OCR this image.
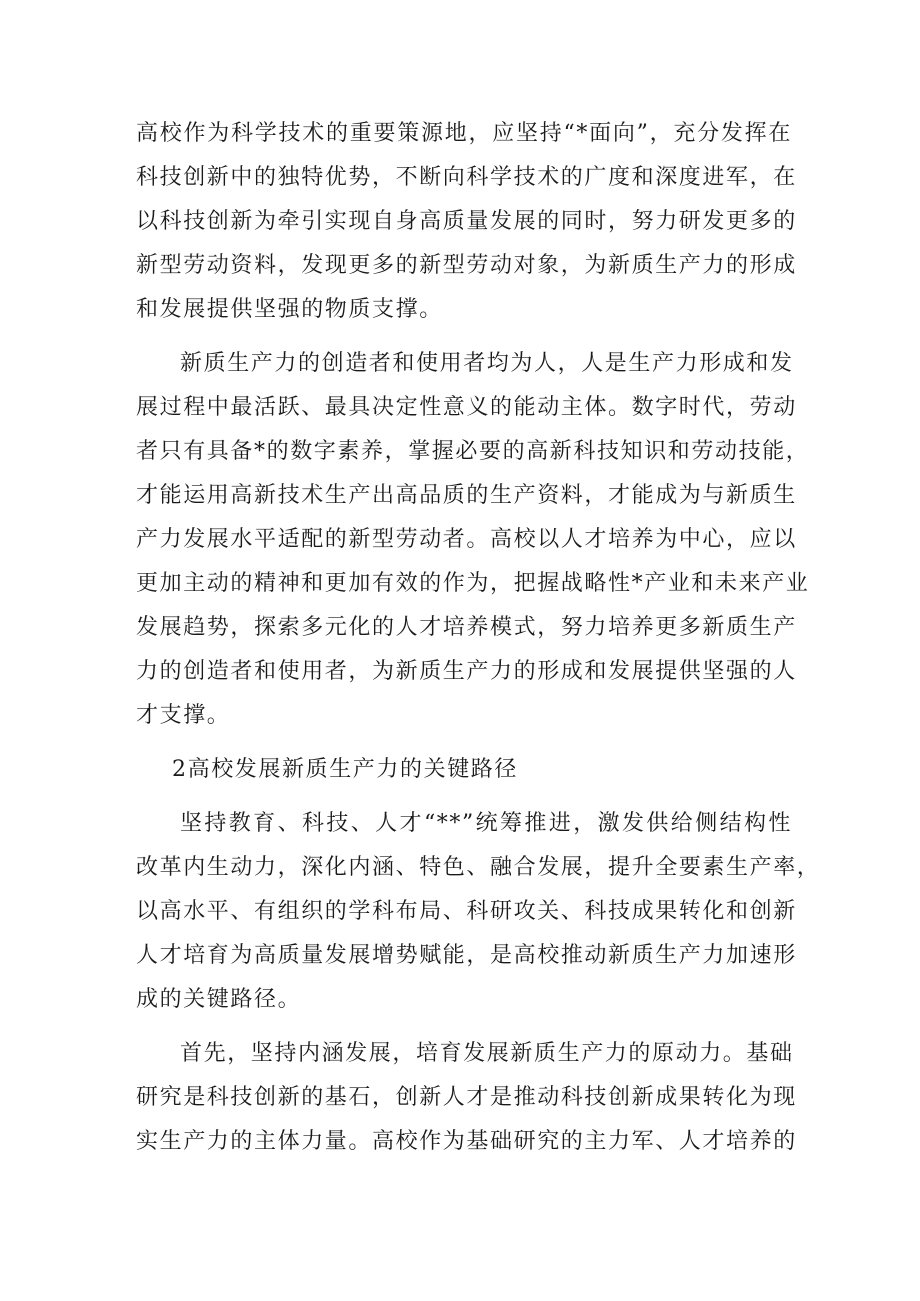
高校作为科学技术的重要策源地，应坚持“*面向”，充分发挥在
科技创新中的独特优势，不断向科学技术的广度和深度进军，在
以科技创新为牵引实现自身高质量发展的同时，努力研发更多的
新型劳动资料，发现更多的新型劳动对象，为新质生产力的形成
和发展提供坚强的物质支撑。
新质生产力的创造者和使用者均为人，人是生产力形成和发
展过程中最活跃、最具决定性意义的能动主体。数字时代，劳动
者只有具备*的数字素养，掌握必要的高新科技知识和劳动技能，
才能运用高新技术生产出高品质的生产资料，才能成为与新质生
产力发展水平适配的新型劳动者。高校以人才培养为中心，应以
更加主动的精神和更加有效的作为，把握战略性*产业和未来产业
发展趋势，探索多元化的人才培养模式，努力培养更多新质生产
力的创造者和使用者，为新质生产力的形成和发展提供坚强的人
才支撑。
2高校发展新质生产力的关键路径
坚持教育、科技、人才“**”统筹推进，激发供给侧结构性
改革内生动力，深化内涵、特色、融合发展，提升全要素生产率，
以高水平、有组织的学科布局、科研攻关、科技成果转化和创新
人才培育为高质量发展增势赋能，是高校推动新质生产力加速形
成的关键路径。
首先，坚持内涵发展，培育发展新质生产力的原动力。基础
研究是科技创新的基石，创新人才是推动科技创新成果转化为现
实生产力的主体力量。高校作为基础研究的主力军、人才培养的
